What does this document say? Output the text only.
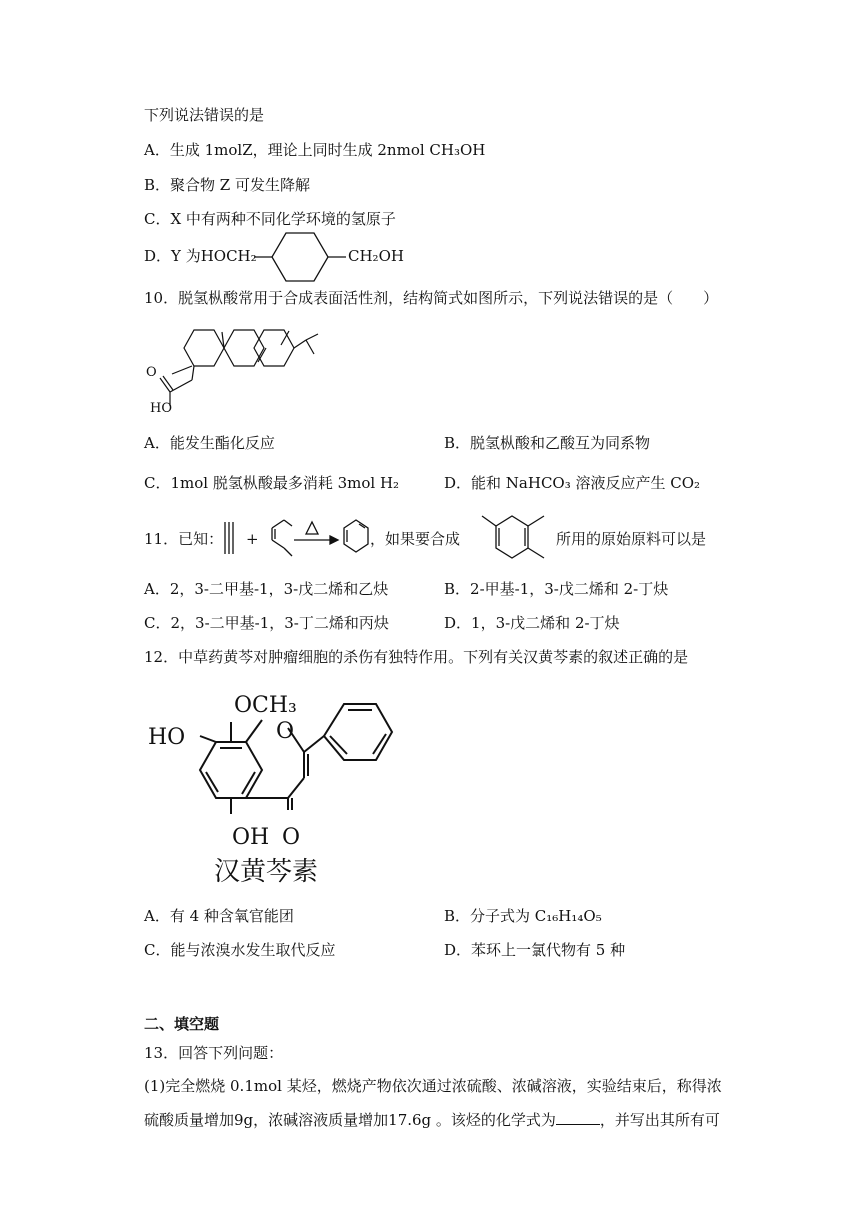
下列说法错误的是
A．生成 1molZ，理论上同时生成 2nmol CH₃OH
B．聚合物 Z 可发生降解
C．X 中有两种不同化学环境的氢原子
D．Y 为HOCH₂	CH₂OH
10．脱氢枞酸常用于合成表面活性剂，结构简式如图所示，下列说法错误的是（　　）
O
HO
A．能发生酯化反应	B．脱氢枞酸和乙酸互为同系物
C．1mol 脱氢枞酸最多消耗 3mol H₂	D．能和 NaHCO₃ 溶液反应产生 CO₂
11．已知： +	，如果要合成	所用的原始原料可以是
A．2，3-二甲基-1，3-戊二烯和乙炔	B．2-甲基-1，3-戊二烯和 2-丁炔
C．2，3-二甲基-1，3-丁二烯和丙炔	D．1，3-戊二烯和 2-丁炔
12．中草药黄芩对肿瘤细胞的杀伤有独特作用。下列有关汉黄芩素的叙述正确的是
OCH₃
HO	O
OH O
汉黄芩素
A．有 4 种含氧官能团	B．分子式为 C₁₆H₁₄O₅
C．能与浓溴水发生取代反应	D．苯环上一氯代物有 5 种
二、填空题
13．回答下列问题：
(1)完全燃烧 0.1mol 某烃，燃烧产物依次通过浓硫酸、浓碱溶液，实验结束后，称得浓
硫酸质量增加9g，浓碱溶液质量增加17.6g 。该烃的化学式为	，并写出其所有可
